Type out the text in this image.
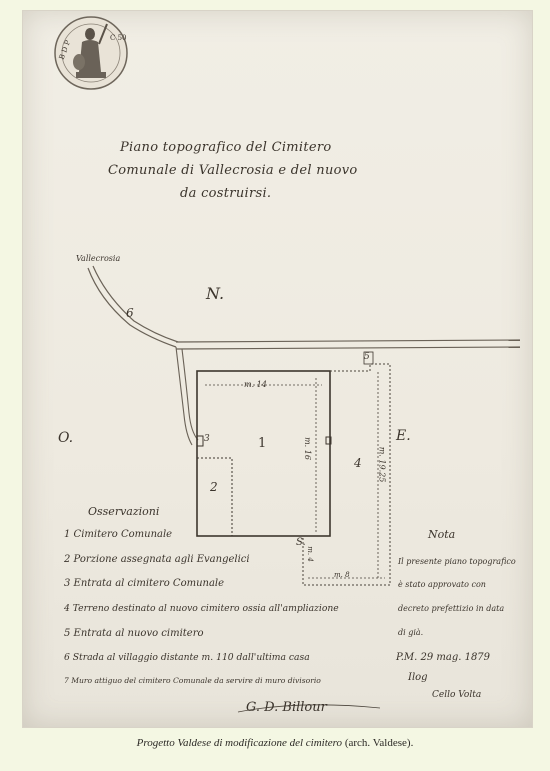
B D P
C 50
Piano topografico del Cimitero
Comunale di Vallecrosia e del nuovo
da costruirsi.
Vallecrosia
N.
O.	E.
S.
6
1
2
3
4
5
m. 14
m. 16	m. 19.25
m. 4
m. 8
Osservazioni
1 Cimitero Comunale
2 Porzione assegnata agli Evangelici
3 Entrata al cimitero Comunale
4 Terreno destinato al nuovo cimitero ossia all'ampliazione
5 Entrata al nuovo cimitero
6 Strada al villaggio distante m. 110 dall'ultima casa
7 Muro attiguo del cimitero Comunale da servire di muro divisorio
Nota
Il presente piano topografico
è stato approvato con
decreto prefettizio in data
di già.
P.M. 29 mag. 1879
Ilog
Cello Volta
G. D. Billour
Progetto Valdese di modificazione del cimitero (arch. Valdese).
